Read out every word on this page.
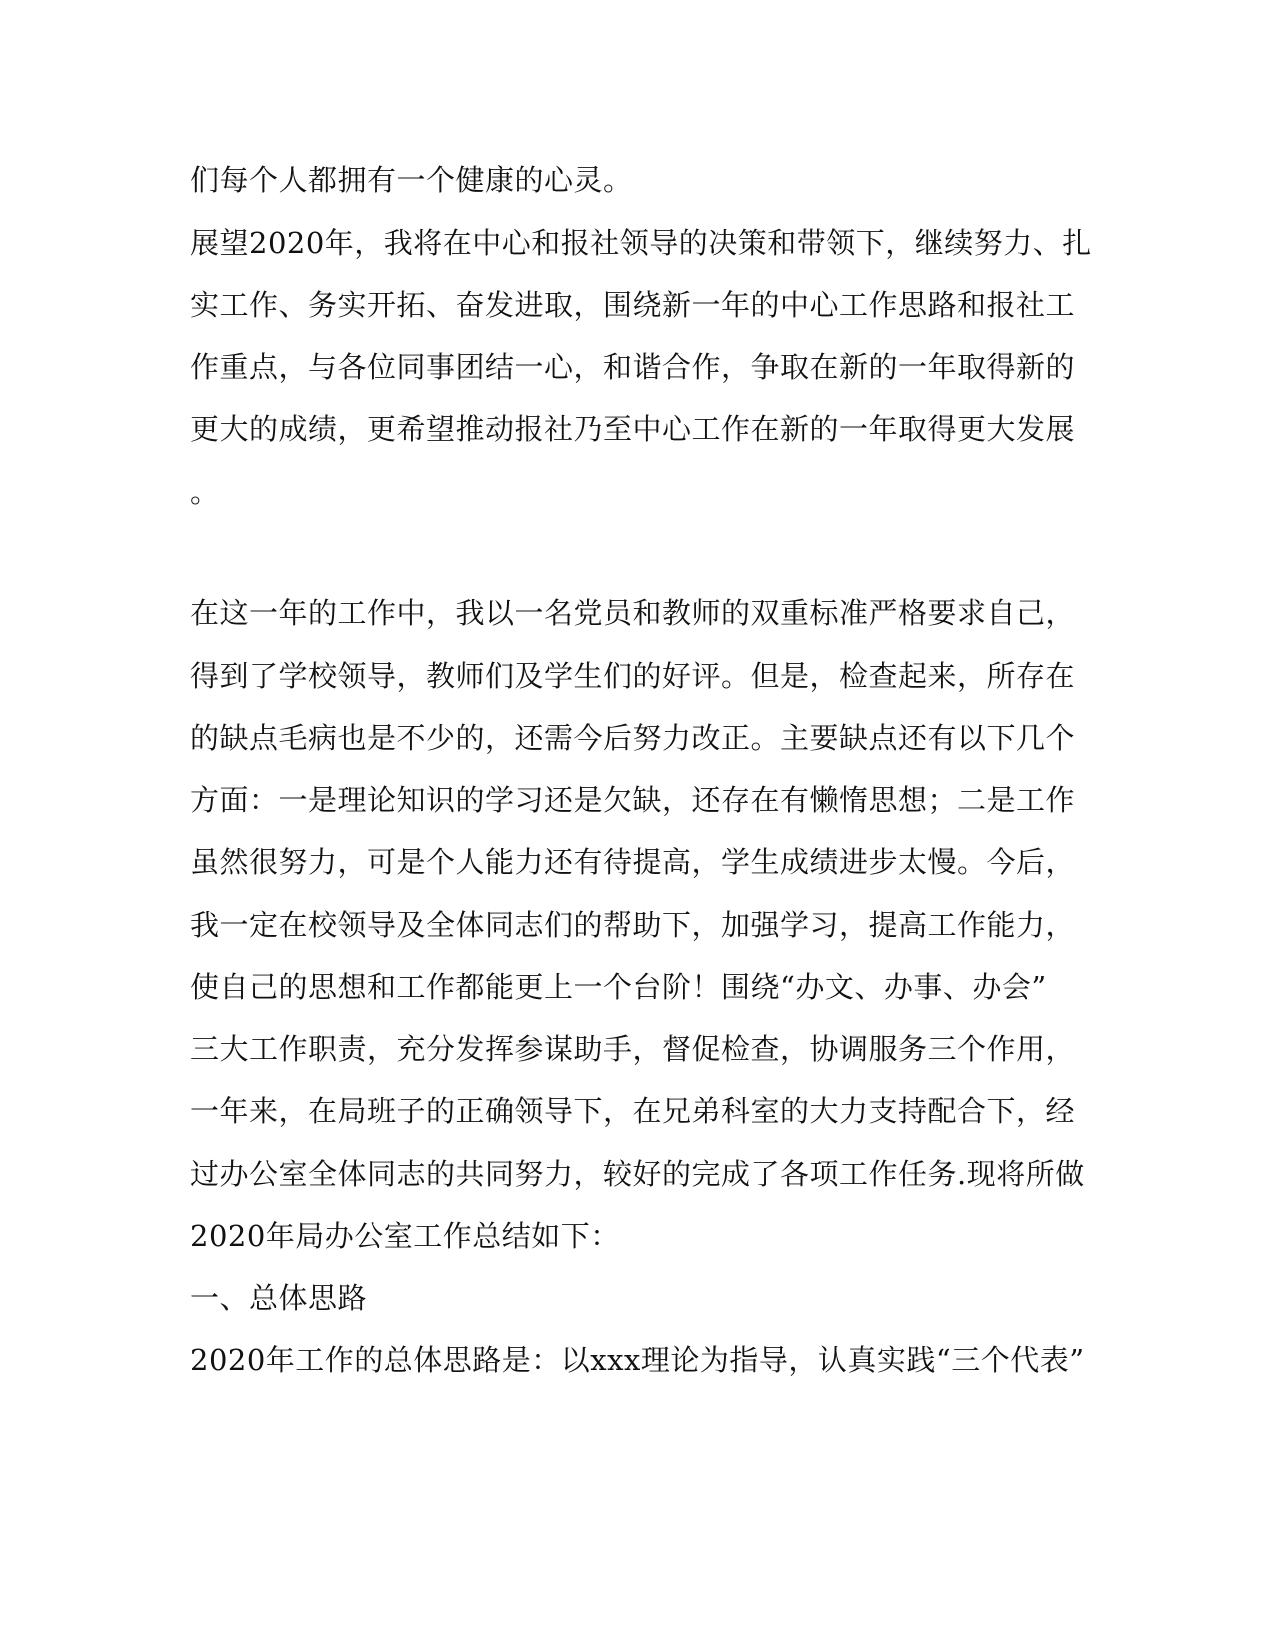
们每个人都拥有一个健康的心灵。
展望2020年，我将在中心和报社领导的决策和带领下，继续努力、扎
实工作、务实开拓、奋发进取，围绕新一年的中心工作思路和报社工
作重点，与各位同事团结一心，和谐合作，争取在新的一年取得新的
更大的成绩，更希望推动报社乃至中心工作在新的一年取得更大发展
。
在这一年的工作中，我以一名党员和教师的双重标准严格要求自己，
得到了学校领导，教师们及学生们的好评。但是，检查起来，所存在
的缺点毛病也是不少的，还需今后努力改正。主要缺点还有以下几个
方面：一是理论知识的学习还是欠缺，还存在有懒惰思想；二是工作
虽然很努力，可是个人能力还有待提高，学生成绩进步太慢。今后，
我一定在校领导及全体同志们的帮助下，加强学习，提高工作能力，
使自己的思想和工作都能更上一个台阶！围绕“办文、办事、办会”
三大工作职责，充分发挥参谋助手，督促检查，协调服务三个作用，
一年来，在局班子的正确领导下，在兄弟科室的大力支持配合下，经
过办公室全体同志的共同努力，较好的完成了各项工作任务.现将所做
2020年局办公室工作总结如下：
一、总体思路
2020年工作的总体思路是：以xxx理论为指导，认真实践“三个代表”
